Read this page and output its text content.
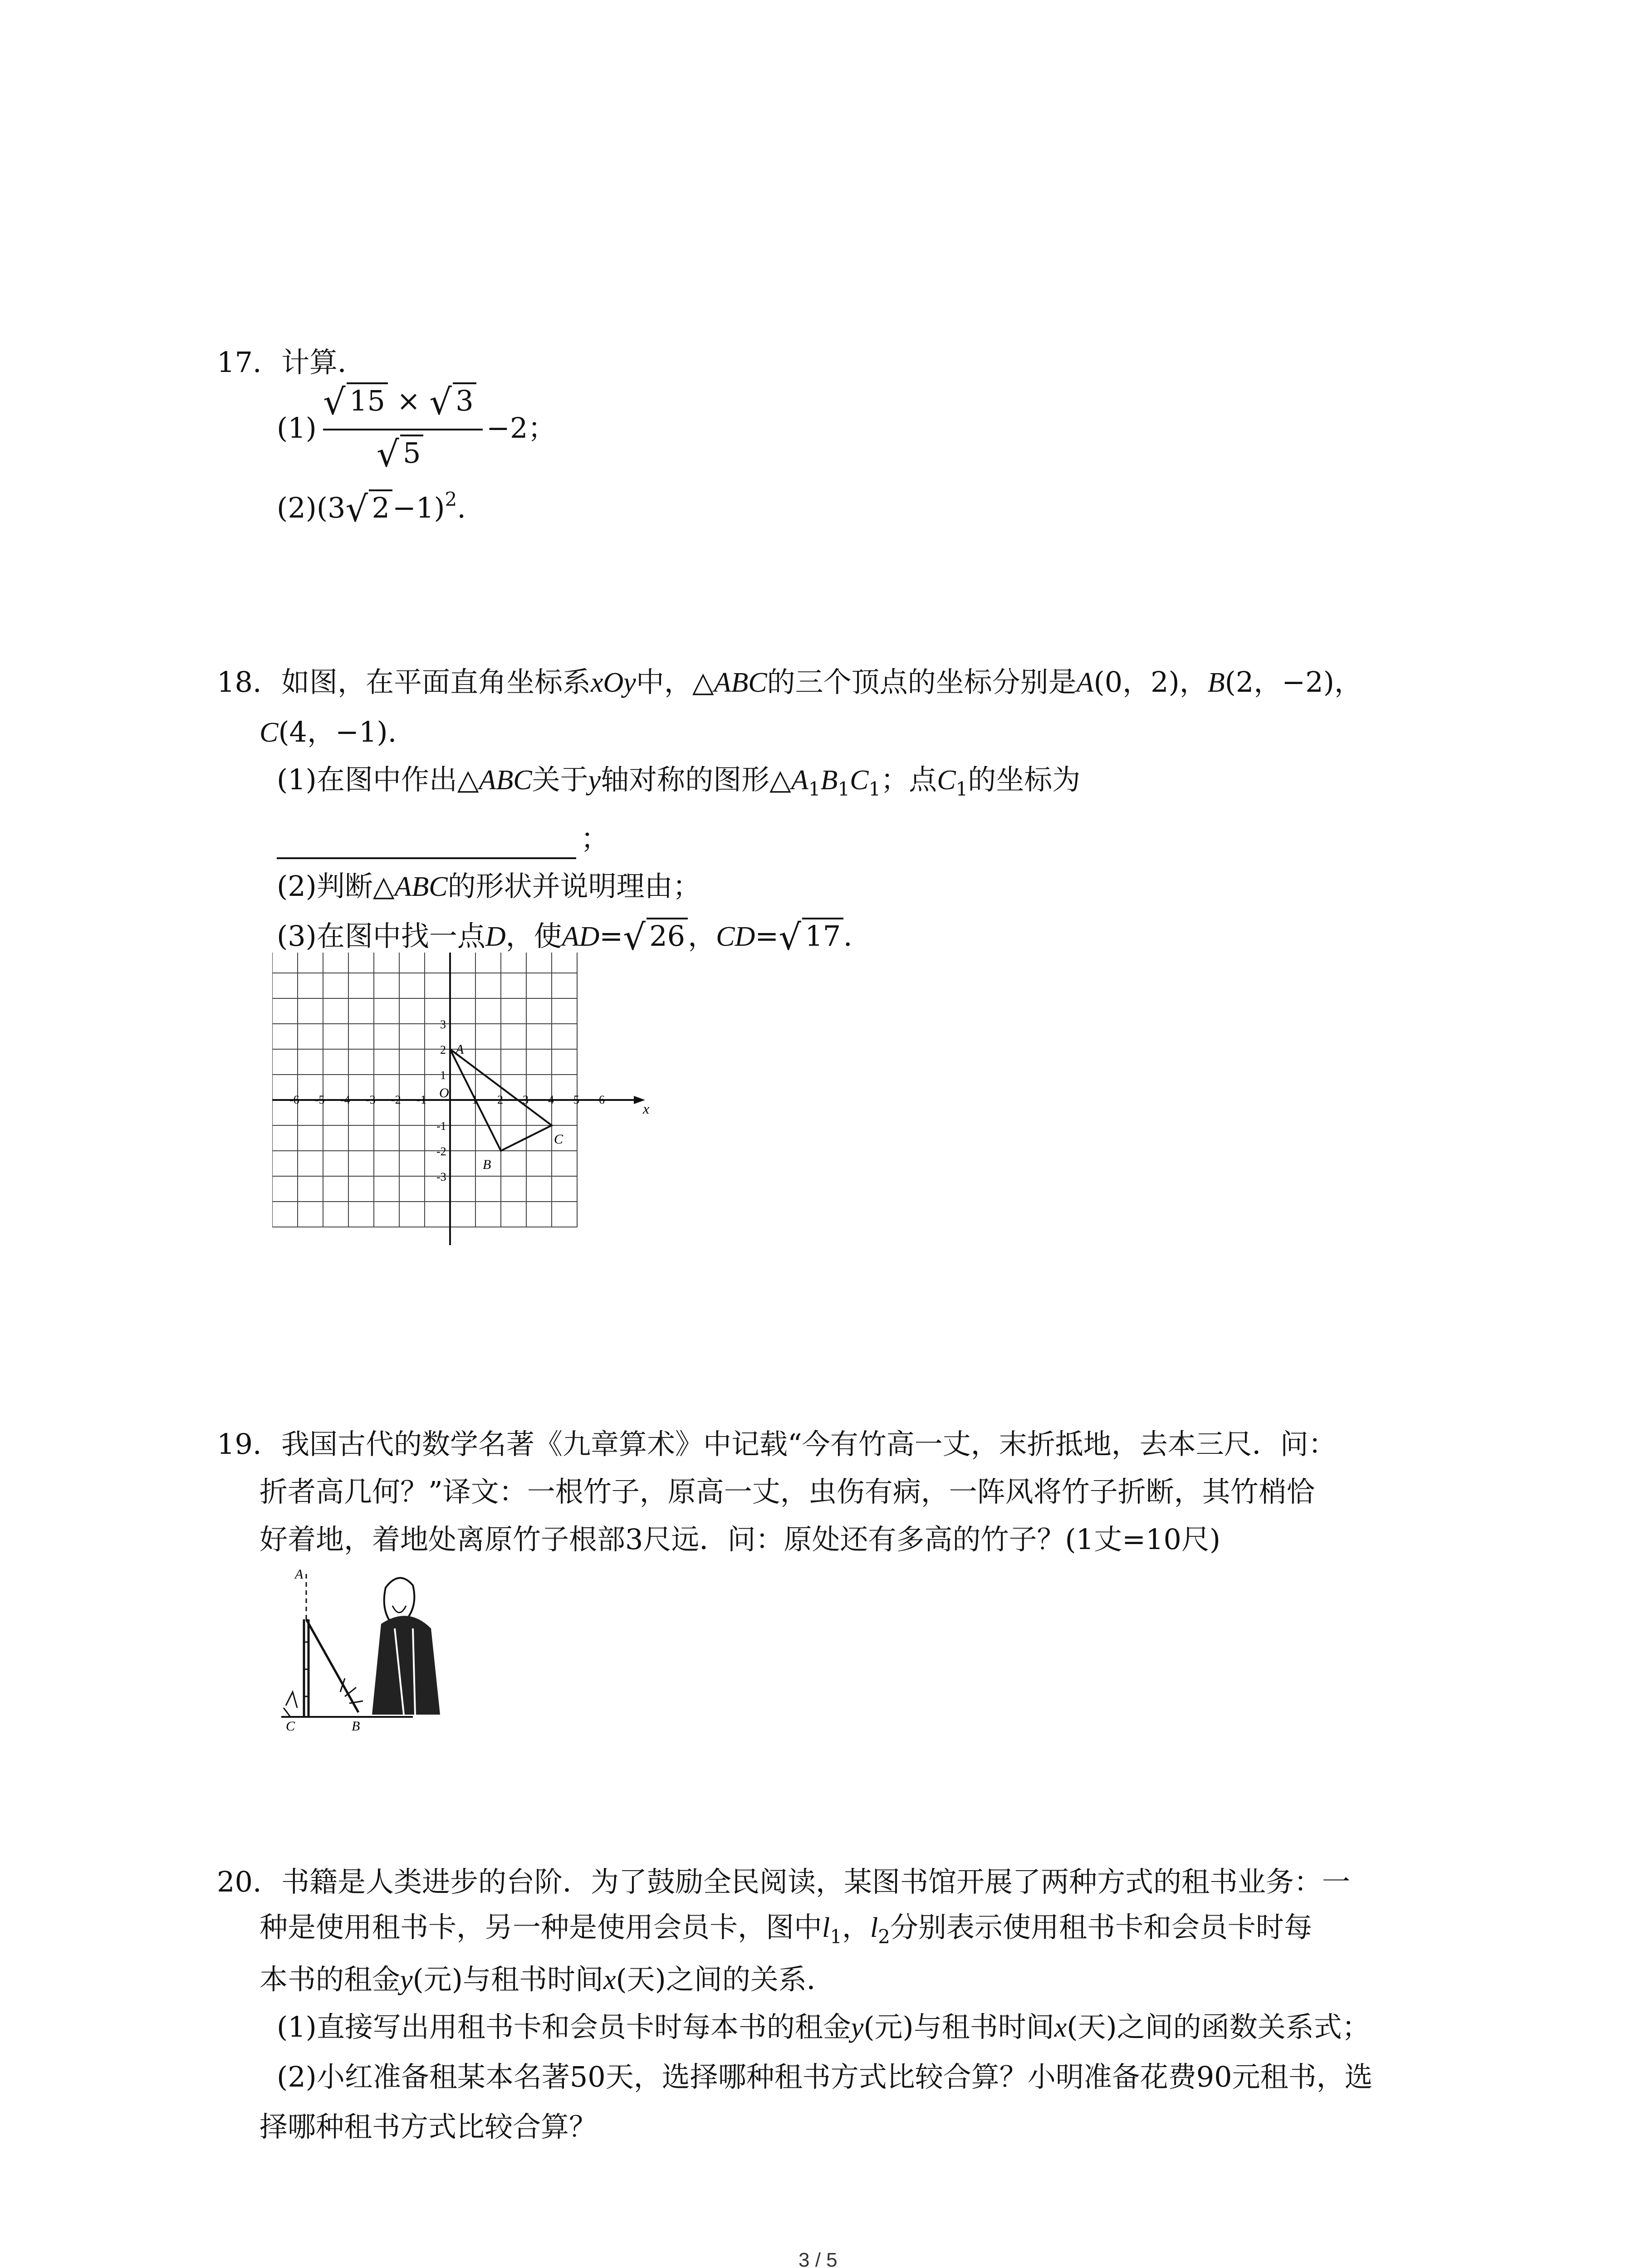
17. 计算．
(1)
√ 15 × √ 3
√ 5
−2；
(2)(3 √ 2−1)$^2$.
18. 如图，在平面直角坐标系xOy中，△ABC的三个顶点的坐标分别是A(0，2)，B(2，−2)，
C(4，−1).
(1)在图中作出△ABC关于y轴对称的图形$\triangle A_1B_1C_1$；点$C_1$的坐标为
；
(2)判断△ABC的形状并说明理由；
(3)在图中找一点D，使AD= √ 26，CD= √ 17．
x
O
-6 -5 -4 -3 -2 -1	1 2 3 4 5 6
3
2
1
-1
-2
-3
A
B
C
19. 我国古代的数学名著《九章算术》中记载“今有竹高一丈，末折抵地，去本三尺．问：
折者高几何？”译文：一根竹子，原高一丈，虫伤有病，一阵风将竹子折断，其竹梢恰
好着地，着地处离原竹子根部3尺远．问：原处还有多高的竹子？(1丈=10尺)
A
C	B
20. 书籍是人类进步的台阶．为了鼓励全民阅读，某图书馆开展了两种方式的租书业务：一
种是使用租书卡，另一种是使用会员卡，图中$l_1$，$l_2$分别表示使用租书卡和会员卡时每
本书的租金y(元)与租书时间x(天)之间的关系．
(1)直接写出用租书卡和会员卡时每本书的租金y(元)与租书时间x(天)之间的函数关系式；
(2)小红准备租某本名著50天，选择哪种租书方式比较合算？小明准备花费90元租书，选
择哪种租书方式比较合算？
3 / 5
